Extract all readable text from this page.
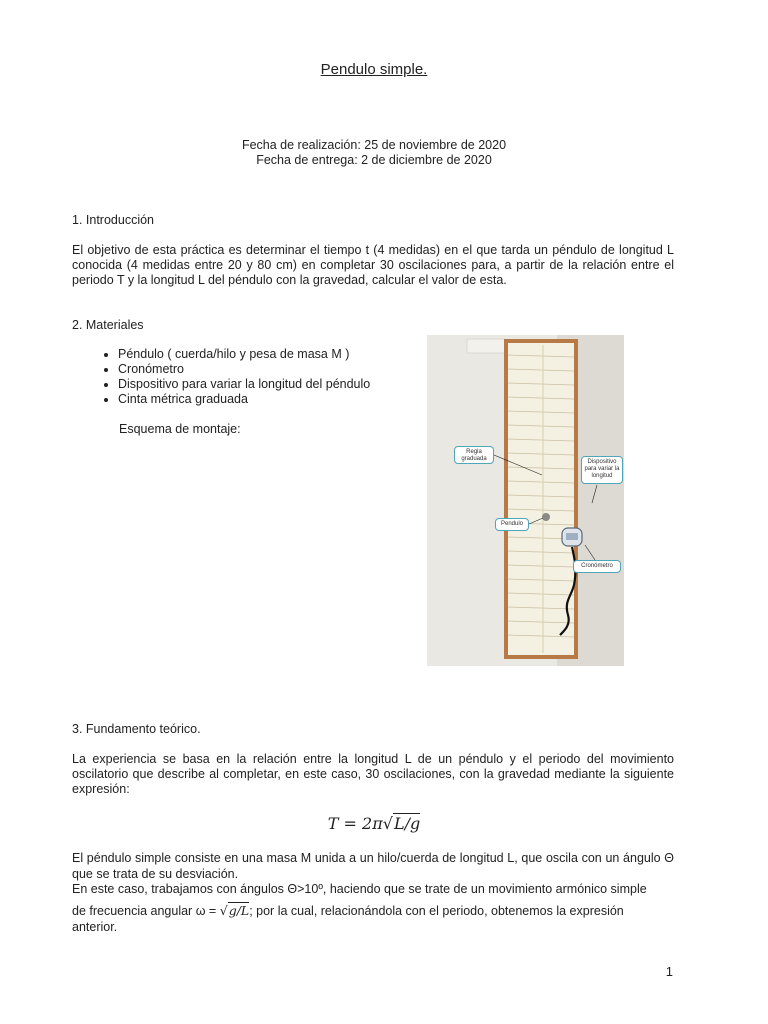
Pendulo simple.
Fecha de realización: 25 de noviembre de 2020
Fecha de entrega: 2 de diciembre de 2020
1. Introducción
El objetivo de esta práctica es determinar el tiempo t (4 medidas) en el que tarda un péndulo de longitud L conocida (4 medidas entre 20 y 80 cm) en completar 30 oscilaciones para, a partir de la relación entre el periodo T y la longitud L del péndulo con la gravedad, calcular el valor de esta.
2. Materiales
• Péndulo ( cuerda/hilo y pesa de masa M )
• Cronómetro
• Dispositivo para variar la longitud del péndulo
• Cinta métrica graduada
Esquema de montaje:
Regla graduada	Dispositivo para variar la longitud
Pendulo
Cronómetro
3. Fundamento teórico.
La experiencia se basa en la relación entre la longitud L de un péndulo y el periodo del movimiento oscilatorio que describe al completar, en este caso, 30 oscilaciones, con la gravedad mediante la siguiente expresión:
T = 2π√L/g
El péndulo simple consiste en una masa M unida a un hilo/cuerda de longitud L, que oscila con un ángulo Θ que se trata de su desviación.
En este caso, trabajamos con ángulos Θ>10º, haciendo que se trate de un movimiento armónico simple
de frecuencia angular ω = √g/L; por la cual, relacionándola con el periodo, obtenemos la expresión
anterior.
1
